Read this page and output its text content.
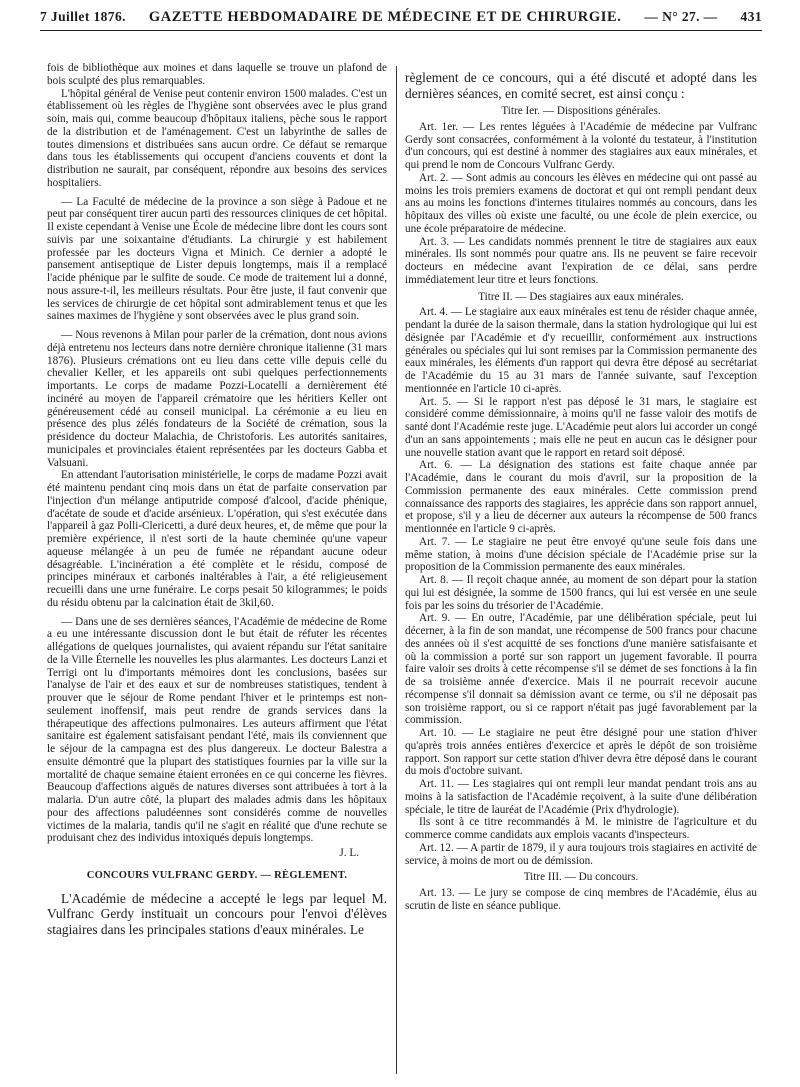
7 Juillet 1876. GAZETTE HEBDOMADAIRE DE MÉDECINE ET DE CHIRURGIE. — N° 27. — 431

fois de bibliothèque aux moines et dans laquelle se trouve un plafond de bois sculpté des plus remarquables.

L'hôpital général de Venise peut contenir environ 1500 malades. C'est un établissement où les règles de l'hygiène sont observées avec le plus grand soin, mais qui, comme beaucoup d'hôpitaux italiens, pèche sous le rapport de la distribution et de l'aménagement. C'est un labyrinthe de salles de toutes dimensions et distribuées sans aucun ordre. Ce défaut se remarque dans tous les établissements qui occupent d'anciens couvents et dont la distribution ne saurait, par conséquent, répondre aux besoins des services hospitaliers.

— La Faculté de médecine de la province a son siège à Padoue et ne peut par conséquent tirer aucun parti des ressources cliniques de cet hôpital. Il existe cependant à Venise une École de médecine libre dont les cours sont suivis par une soixantaine d'étudiants. La chirurgie y est habilement professée par les docteurs Vigna et Minich. Ce dernier a adopté le pansement antiseptique de Lister depuis longtemps, mais il a remplacé l'acide phénique par le sulfite de soude. Ce mode de traitement lui a donné, nous assure-t-il, les meilleurs résultats. Pour être juste, il faut convenir que les services de chirurgie de cet hôpital sont admirablement tenus et que les saines maximes de l'hygiène y sont observées avec le plus grand soin.

— Nous revenons à Milan pour parler de la crémation, dont nous avions déjà entretenu nos lecteurs dans notre dernière chronique italienne (31 mars 1876). Plusieurs crémations ont eu lieu dans cette ville depuis celle du chevalier Keller, et les appareils ont subi quelques perfectionnements importants. Le corps de madame Pozzi-Locatelli a dernièrement été incinéré au moyen de l'appareil crématoire que les héritiers Keller ont généreusement cédé au conseil municipal. La cérémonie a eu lieu en présence des plus zélés fondateurs de la Société de crémation, sous la présidence du docteur Malachia, de Christoforis. Les autorités sanitaires, municipales et provinciales étaient représentées par les docteurs Gabba et Valsuani.

En attendant l'autorisation ministérielle, le corps de madame Pozzi avait été maintenu pendant cinq mois dans un état de parfaite conservation par l'injection d'un mélange antiputride composé d'alcool, d'acide phénique, d'acétate de soude et d'acide arsénieux. L'opération, qui s'est exécutée dans l'appareil à gaz Polli-Clericetti, a duré deux heures, et, de même que pour la première expérience, il n'est sorti de la haute cheminée qu'une vapeur aqueuse mélangée à un peu de fumée ne répandant aucune odeur désagréable. L'incinération a été complète et le résidu, composé de principes minéraux et carbonés inaltérables à l'air, a été religieusement recueilli dans une urne funéraire. Le corps pesait 50 kilogrammes; le poids du résidu obtenu par la calcination était de 3kil,60.

— Dans une de ses dernières séances, l'Académie de médecine de Rome a eu une intéressante discussion dont le but était de réfuter les récentes allégations de quelques journalistes, qui avaient répandu sur l'état sanitaire de la Ville Éternelle les nouvelles les plus alarmantes. Les docteurs Lanzi et Terrigi ont lu d'importants mémoires dont les conclusions, basées sur l'analyse de l'air et des eaux et sur de nombreuses statistiques, tendent à prouver que le séjour de Rome pendant l'hiver et le printemps est non-seulement inoffensif, mais peut rendre de grands services dans la thérapeutique des affections pulmonaires. Les auteurs affirment que l'état sanitaire est également satisfaisant pendant l'été, mais ils conviennent que le séjour de la campagna est des plus dangereux. Le docteur Balestra a ensuite démontré que la plupart des statistiques fournies par la ville sur la mortalité de chaque semaine étaient erronées en ce qui concerne les fièvres. Beaucoup d'affections aiguës de natures diverses sont attribuées à tort à la malaria. D'un autre côté, la plupart des malades admis dans les hôpitaux pour des affections paludéennes sont considérés comme de nouvelles victimes de la malaria, tandis qu'il ne s'agit en réalité que d'une rechute se produisant chez des individus intoxiqués depuis longtemps.

J. L.
CONCOURS VULFRANC GERDY. — RÈGLEMENT.

L'Académie de médecine a accepté le legs par lequel M. Vulfranc Gerdy instituait un concours pour l'envoi d'élèves stagiaires dans les principales stations d'eaux minérales. Le

règlement de ce concours, qui a été discuté et adopté dans les dernières séances, en comité secret, est ainsi conçu :

Titre Ier. — Dispositions générales.

Art. 1er. — Les rentes léguées à l'Académie de médecine par Vulfranc Gerdy sont consacrées, conformément à la volonté du testateur, à l'institution d'un concours, qui est destiné à nommer des stagiaires aux eaux minérales, et qui prend le nom de Concours Vulfranc Gerdy.

Art. 2. — Sont admis au concours les élèves en médecine qui ont passé au moins les trois premiers examens de doctorat et qui ont rempli pendant deux ans au moins les fonctions d'internes titulaires nommés au concours, dans les hôpitaux des villes où existe une faculté, ou une école de plein exercice, ou une école préparatoire de médecine.

Art. 3. — Les candidats nommés prennent le titre de stagiaires aux eaux minérales. Ils sont nommés pour quatre ans. Ils ne peuvent se faire recevoir docteurs en médecine avant l'expiration de ce délai, sans perdre immédiatement leur titre et leurs fonctions.

Titre II. — Des stagiaires aux eaux minérales.

Art. 4. — Le stagiaire aux eaux minérales est tenu de résider chaque année, pendant la durée de la saison thermale, dans la station hydrologique qui lui est désignée par l'Académie et d'y recueillir, conformément aux instructions générales ou spéciales qui lui sont remises par la Commission permanente des eaux minérales, les éléments d'un rapport qui devra être déposé au secrétariat de l'Académie du 15 au 31 mars de l'année suivante, sauf l'exception mentionnée en l'article 10 ci-après.

Art. 5. — Si le rapport n'est pas déposé le 31 mars, le stagiaire est considéré comme démissionnaire, à moins qu'il ne fasse valoir des motifs de santé dont l'Académie reste juge. L'Académie peut alors lui accorder un congé d'un an sans appointements ; mais elle ne peut en aucun cas le désigner pour une nouvelle station avant que le rapport en retard soit déposé.

Art. 6. — La désignation des stations est faite chaque année par l'Académie, dans le courant du mois d'avril, sur la proposition de la Commission permanente des eaux minérales. Cette commission prend connaissance des rapports des stagiaires, les apprécie dans son rapport annuel, et propose, s'il y a lieu de décerner aux auteurs la récompense de 500 francs mentionnée en l'article 9 ci-après.

Art. 7. — Le stagiaire ne peut être envoyé qu'une seule fois dans une même station, à moins d'une décision spéciale de l'Académie prise sur la proposition de la Commission permanente des eaux minérales.

Art. 8. — Il reçoit chaque année, au moment de son départ pour la station qui lui est désignée, la somme de 1500 francs, qui lui est versée en une seule fois par les soins du trésorier de l'Académie.

Art. 9. — En outre, l'Académie, par une délibération spéciale, peut lui décerner, à la fin de son mandat, une récompense de 500 francs pour chacune des années où il s'est acquitté de ses fonctions d'une manière satisfaisante et où la commission a porté sur son rapport un jugement favorable. Il pourra faire valoir ses droits à cette récompense s'il se démet de ses fonctions à la fin de sa troisième année d'exercice. Mais il ne pourrait recevoir aucune récompense s'il donnait sa démission avant ce terme, ou s'il ne déposait pas son troisième rapport, ou si ce rapport n'était pas jugé favorablement par la commission.

Art. 10. — Le stagiaire ne peut être désigné pour une station d'hiver qu'après trois années entières d'exercice et après le dépôt de son troisième rapport. Son rapport sur cette station d'hiver devra être déposé dans le courant du mois d'octobre suivant.

Art. 11. — Les stagiaires qui ont rempli leur mandat pendant trois ans au moins à la satisfaction de l'Académie reçoivent, à la suite d'une délibération spéciale, le titre de lauréat de l'Académie (Prix d'hydrologie).

Ils sont à ce titre recommandés à M. le ministre de l'agriculture et du commerce comme candidats aux emplois vacants d'inspecteurs.

Art. 12. — A partir de 1879, il y aura toujours trois stagiaires en activité de service, à moins de mort ou de démission.

Titre III. — Du concours.

Art. 13. — Le jury se compose de cinq membres de l'Académie, élus au scrutin de liste en séance publique.
